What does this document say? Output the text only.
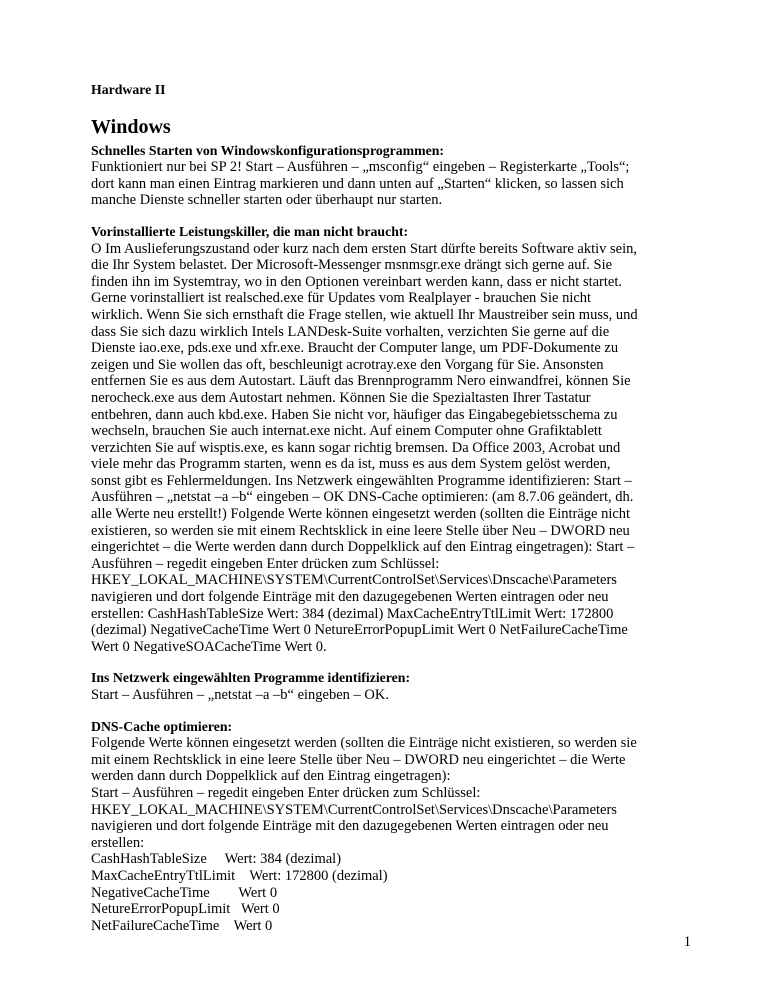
Hardware II
Windows
Schnelles Starten von Windowskonfigurationsprogrammen:
Funktioniert nur bei SP 2! Start – Ausführen – „msconfig“ eingeben – Registerkarte „Tools“;
dort kann man einen Eintrag markieren und dann unten auf „Starten“ klicken, so lassen sich
manche Dienste schneller starten oder überhaupt nur starten.
Vorinstallierte Leistungskiller, die man nicht braucht:
O Im Auslieferungszustand oder kurz nach dem ersten Start dürfte bereits Software aktiv sein,
die Ihr System belastet. Der Microsoft-Messenger msnmsgr.exe drängt sich gerne auf. Sie
finden ihn im Systemtray, wo in den Optionen vereinbart werden kann, dass er nicht startet.
Gerne vorinstalliert ist realsched.exe für Updates vom Realplayer - brauchen Sie nicht
wirklich. Wenn Sie sich ernsthaft die Frage stellen, wie aktuell Ihr Maustreiber sein muss, und
dass Sie sich dazu wirklich Intels LANDesk-Suite vorhalten, verzichten Sie gerne auf die
Dienste iao.exe, pds.exe und xfr.exe. Braucht der Computer lange, um PDF-Dokumente zu
zeigen und Sie wollen das oft, beschleunigt acrotray.exe den Vorgang für Sie. Ansonsten
entfernen Sie es aus dem Autostart. Läuft das Brennprogramm Nero einwandfrei, können Sie
nerocheck.exe aus dem Autostart nehmen. Können Sie die Spezialtasten Ihrer Tastatur
entbehren, dann auch kbd.exe. Haben Sie nicht vor, häufiger das Eingabegebietsschema zu
wechseln, brauchen Sie auch internat.exe nicht. Auf einem Computer ohne Grafiktablett
verzichten Sie auf wisptis.exe, es kann sogar richtig bremsen. Da Office 2003, Acrobat und
viele mehr das Programm starten, wenn es da ist, muss es aus dem System gelöst werden,
sonst gibt es Fehlermeldungen. Ins Netzwerk eingewählten Programme identifizieren: Start –
Ausführen – „netstat –a –b“ eingeben – OK DNS-Cache optimieren: (am 8.7.06 geändert, dh.
alle Werte neu erstellt!) Folgende Werte können eingesetzt werden (sollten die Einträge nicht
existieren, so werden sie mit einem Rechtsklick in eine leere Stelle über Neu – DWORD neu
eingerichtet – die Werte werden dann durch Doppelklick auf den Eintrag eingetragen): Start –
Ausführen – regedit eingeben Enter drücken zum Schlüssel:
HKEY_LOKAL_MACHINE\SYSTEM\CurrentControlSet\Services\Dnscache\Parameters
navigieren und dort folgende Einträge mit den dazugegebenen Werten eintragen oder neu
erstellen: CashHashTableSize Wert: 384 (dezimal) MaxCacheEntryTtlLimit Wert: 172800
(dezimal) NegativeCacheTime Wert 0 NetureErrorPopupLimit Wert 0 NetFailureCacheTime
Wert 0 NegativeSOACacheTime Wert 0.
Ins Netzwerk eingewählten Programme identifizieren:
Start – Ausführen – „netstat –a –b“ eingeben – OK.
DNS-Cache optimieren:
Folgende Werte können eingesetzt werden (sollten die Einträge nicht existieren, so werden sie
mit einem Rechtsklick in eine leere Stelle über Neu – DWORD neu eingerichtet – die Werte
werden dann durch Doppelklick auf den Eintrag eingetragen):
Start – Ausführen – regedit eingeben Enter drücken zum Schlüssel:
HKEY_LOKAL_MACHINE\SYSTEM\CurrentControlSet\Services\Dnscache\Parameters
navigieren und dort folgende Einträge mit den dazugegebenen Werten eintragen oder neu
erstellen:
CashHashTableSize     Wert: 384 (dezimal)
MaxCacheEntryTtlLimit    Wert: 172800 (dezimal)
NegativeCacheTime        Wert 0
NetureErrorPopupLimit   Wert 0
NetFailureCacheTime    Wert 0
1
